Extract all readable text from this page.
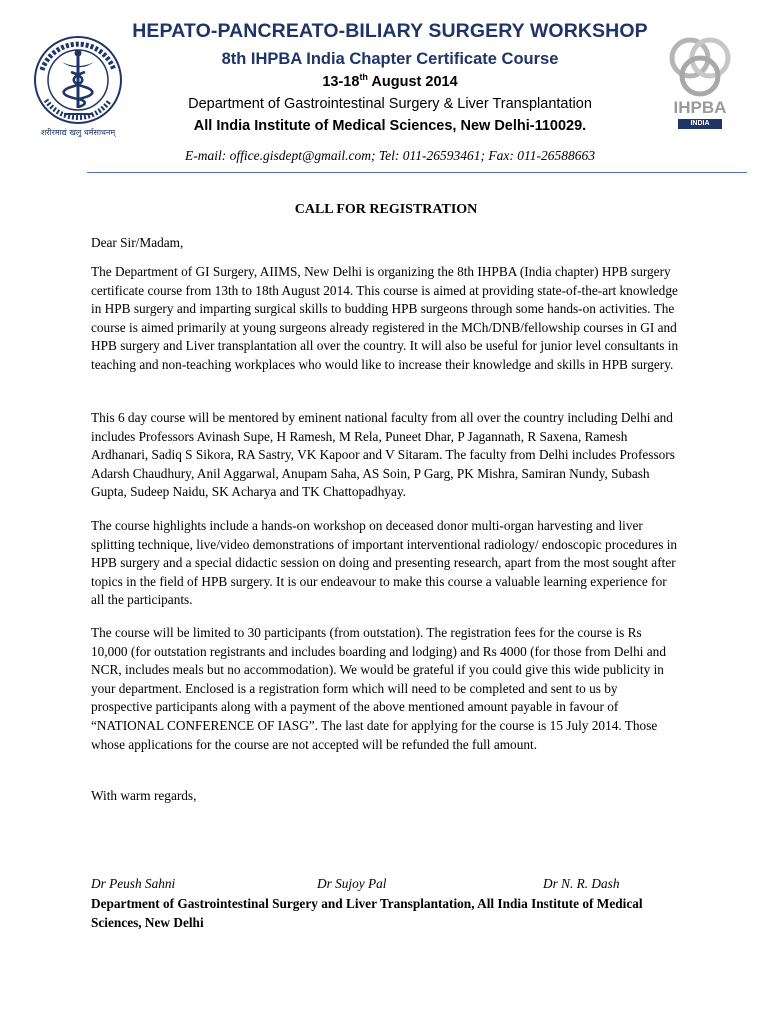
शरीरमाद्यं खलु धर्मसाधनम्
IHPBA
INDIA
HEPATO-PANCREATO-BILIARY SURGERY WORKSHOP
8th IHPBA India Chapter Certificate Course
13-18th August 2014
Department of Gastrointestinal Surgery & Liver Transplantation
All India Institute of Medical Sciences, New Delhi-110029.
E-mail: office.gisdept@gmail.com; Tel: 011-26593461; Fax: 011-26588663
CALL FOR REGISTRATION
Dear Sir/Madam,
The Department of GI Surgery, AIIMS, New Delhi is organizing the 8th IHPBA (India chapter) HPB surgery certificate course from 13th to 18th August 2014. This course is aimed at providing state-of-the-art knowledge in HPB surgery and imparting surgical skills to budding HPB surgeons through some hands-on activities. The course is aimed primarily at young surgeons already registered in the MCh/DNB/fellowship courses in GI and HPB surgery and Liver transplantation all over the country. It will also be useful for junior level consultants in teaching and non-teaching workplaces who would like to increase their knowledge and skills in HPB surgery.
This 6 day course will be mentored by eminent national faculty from all over the country including Delhi and includes Professors Avinash Supe, H Ramesh, M Rela, Puneet Dhar, P Jagannath, R Saxena, Ramesh Ardhanari, Sadiq S Sikora, RA Sastry, VK Kapoor and V Sitaram. The faculty from Delhi includes Professors Adarsh Chaudhury, Anil Aggarwal, Anupam Saha, AS Soin, P Garg, PK Mishra, Samiran Nundy, Subash Gupta, Sudeep Naidu, SK Acharya and TK Chattopadhyay.
The course highlights include a hands-on workshop on deceased donor multi-organ harvesting and liver splitting technique, live/video demonstrations of important interventional radiology/ endoscopic procedures in HPB surgery and a special didactic session on doing and presenting research, apart from the most sought after topics in the field of HPB surgery. It is our endeavour to make this course a valuable learning experience for all the participants.
The course will be limited to 30 participants (from outstation). The registration fees for the course is Rs 10,000 (for outstation registrants and includes boarding and lodging) and Rs 4000 (for those from Delhi and NCR, includes meals but no accommodation). We would be grateful if you could give this wide publicity in your department. Enclosed is a registration form which will need to be completed and sent to us by prospective participants along with a payment of the above mentioned amount payable in favour of “NATIONAL CONFERENCE OF IASG”. The last date for applying for the course is 15 July 2014. Those whose applications for the course are not accepted will be refunded the full amount.
With warm regards,
Dr Peush Sahni	Dr Sujoy Pal	Dr N. R. Dash
Department of Gastrointestinal Surgery and Liver Transplantation, All India Institute of Medical Sciences, New Delhi
